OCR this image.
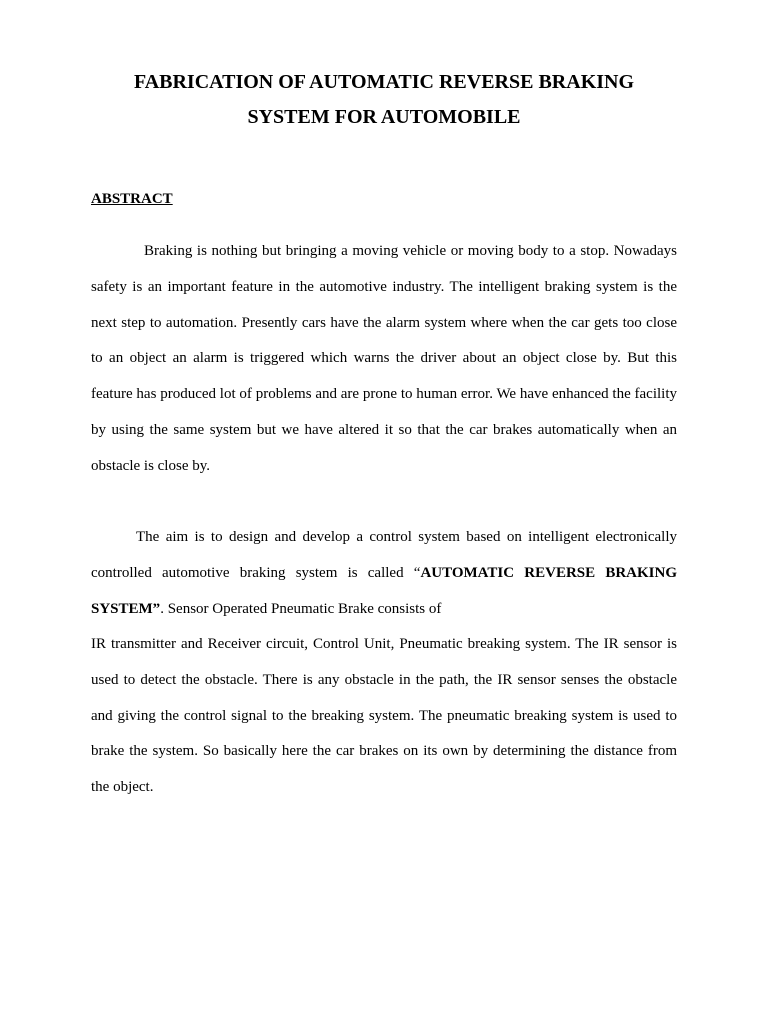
FABRICATION OF AUTOMATIC REVERSE BRAKING
SYSTEM FOR AUTOMOBILE
ABSTRACT

Braking is nothing but bringing a moving vehicle or moving body to a stop. Nowadays safety is an important feature in the automotive industry. The intelligent braking system is the next step to automation. Presently cars have the alarm system where when the car gets too close to an object an alarm is triggered which warns the driver about an object close by. But this feature has produced lot of problems and are prone to human error. We have enhanced the facility by using the same system but we have altered it so that the car brakes automatically when an obstacle is close by.

The aim is to design and develop a control system based on intelligent electronically controlled automotive braking system is called “AUTOMATIC REVERSE BRAKING SYSTEM”. Sensor Operated Pneumatic Brake consists of

IR transmitter and Receiver circuit, Control Unit, Pneumatic breaking system. The IR sensor is used to detect the obstacle. There is any obstacle in the path, the IR sensor senses the obstacle and giving the control signal to the breaking system. The pneumatic breaking system is used to brake the system. So basically here the car brakes on its own by determining the distance from the object.
